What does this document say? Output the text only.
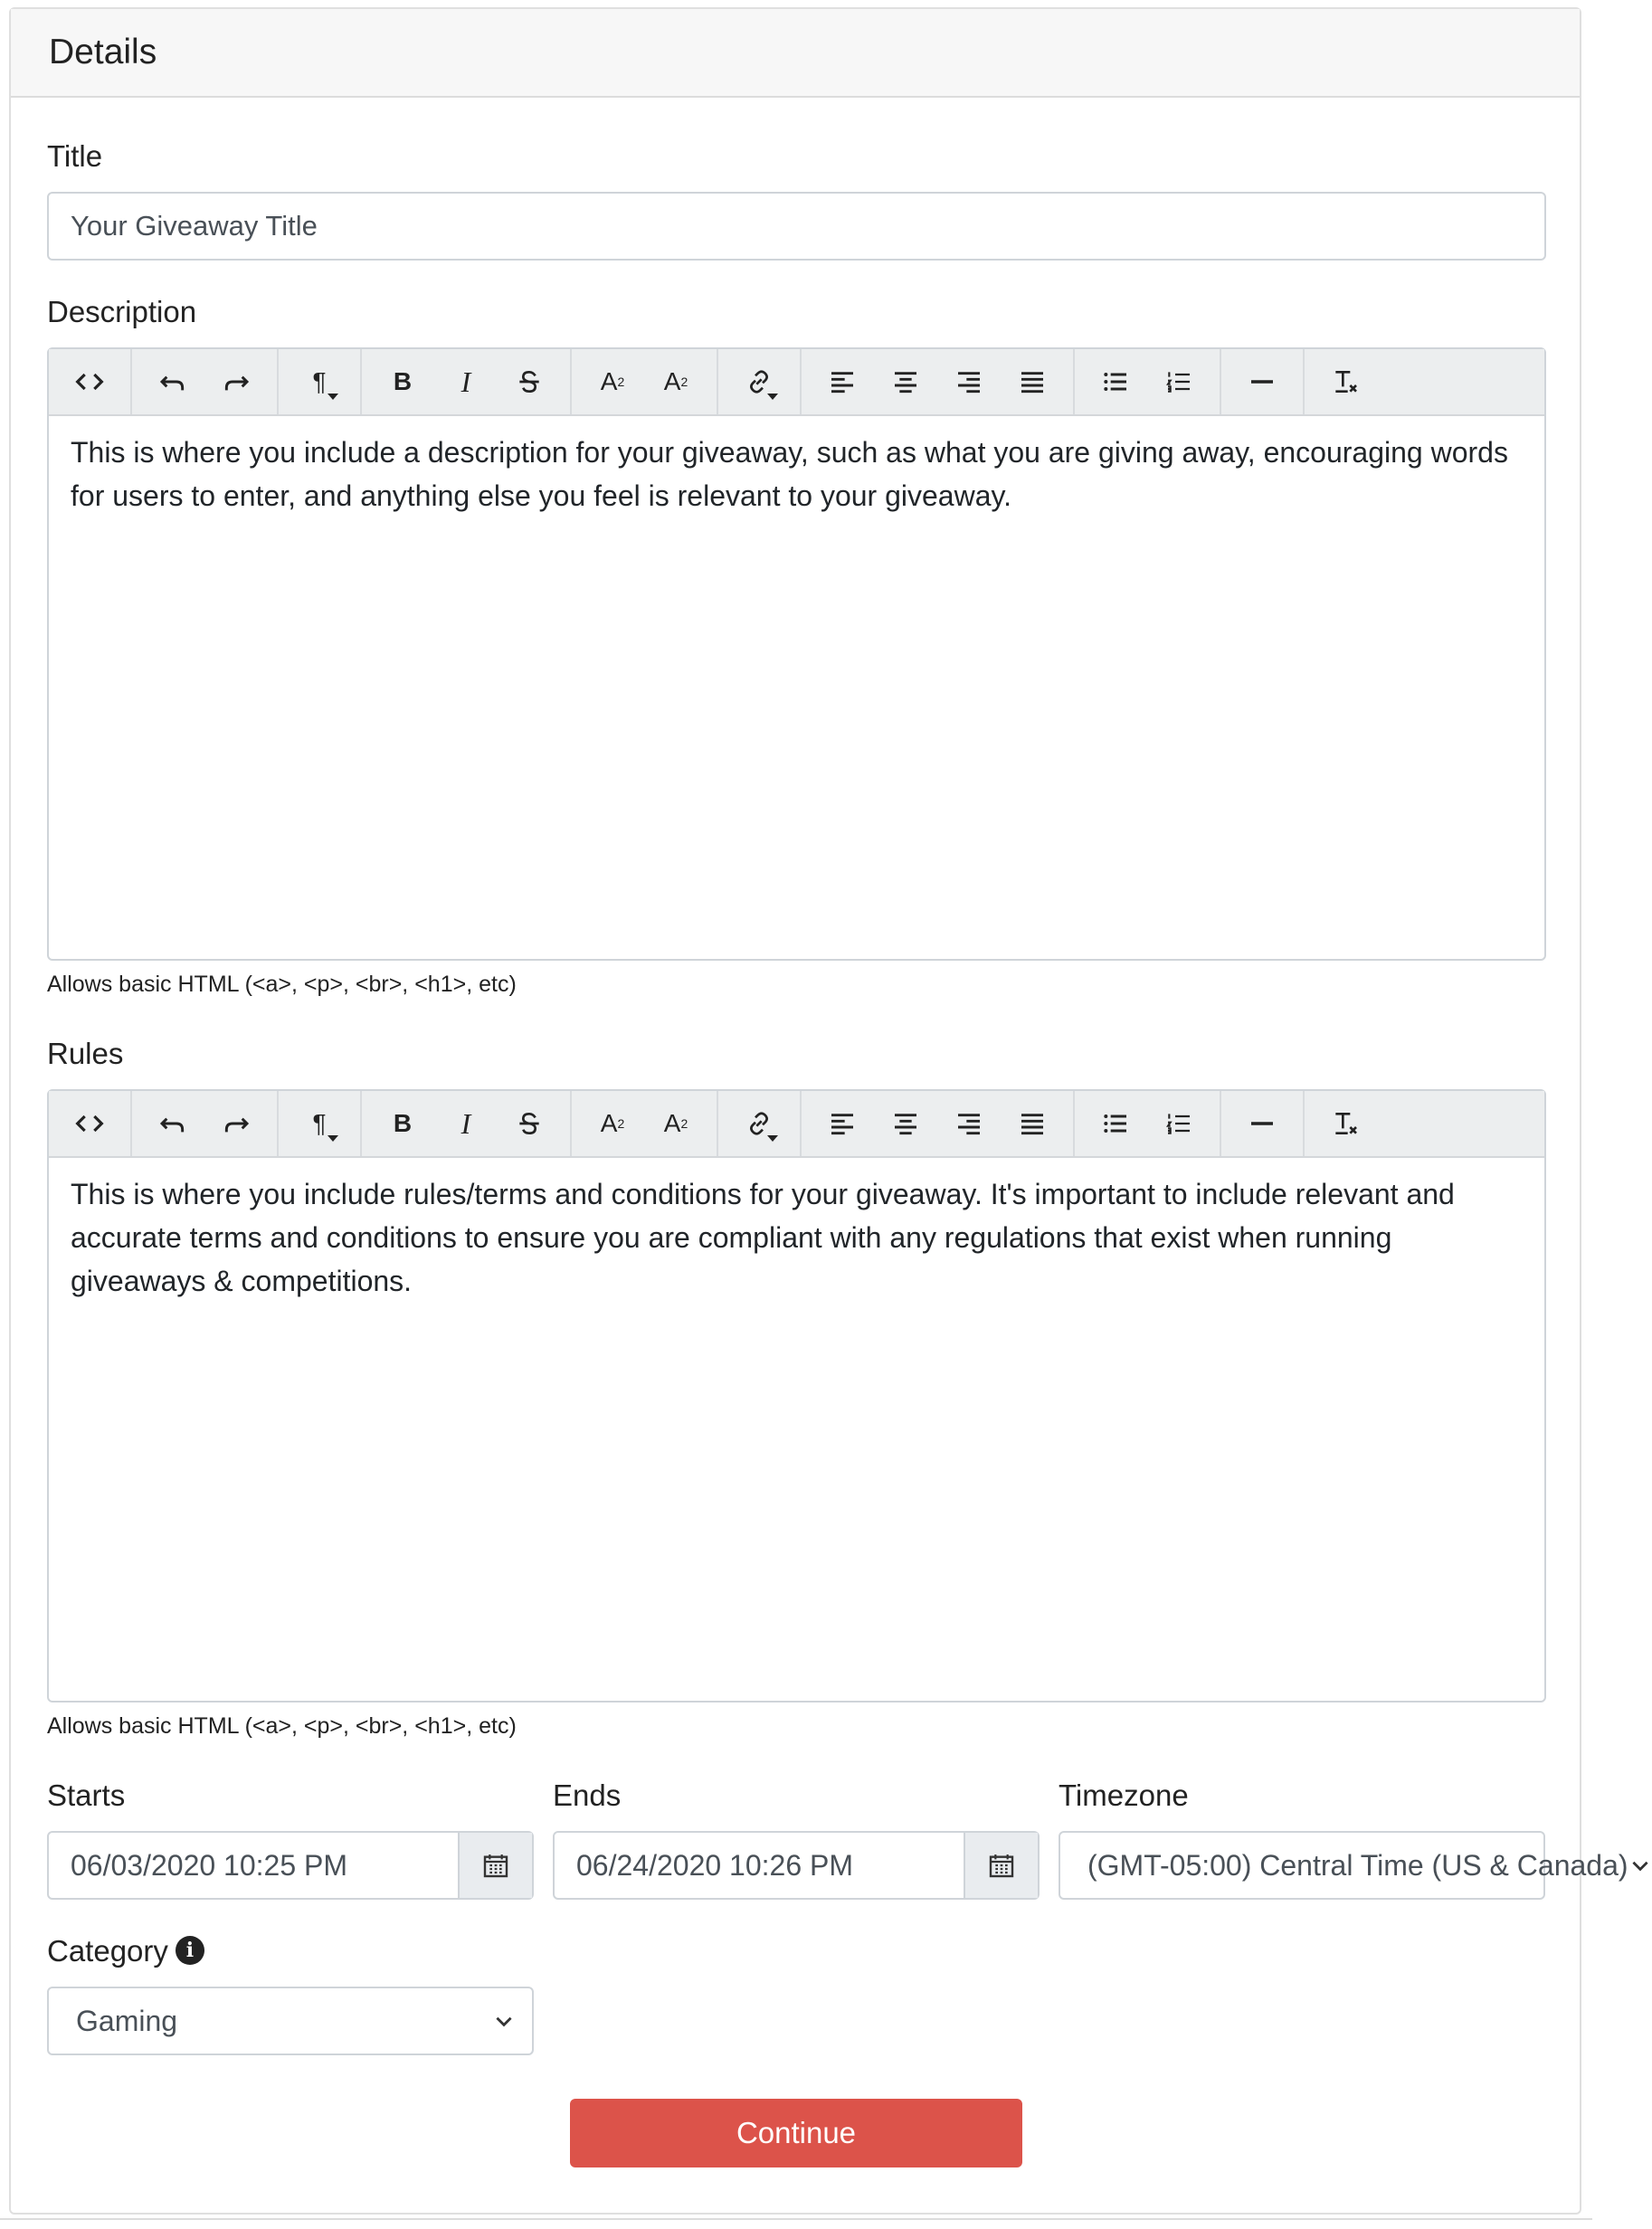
Details
Title
Your Giveaway Title
Description
¶	B I	A 2 A 2
This is where you include a description for your giveaway, such as what you are giving away, encouraging words for users to enter, and anything else you feel is relevant to your giveaway.
Allows basic HTML (<a>, <p>, <br>, <h1>, etc)
Rules
¶	B I	A 2 A 2
This is where you include rules/terms and conditions for your giveaway. It's important to include relevant and accurate terms and conditions to ensure you are compliant with any regulations that exist when running giveaways & competitions.
Allows basic HTML (<a>, <p>, <br>, <h1>, etc)
Starts
06/03/2020 10:25 PM
Ends
06/24/2020 10:26 PM
Timezone
(GMT-05:00) Central Time (US & Canada)
Category i
Gaming
Continue
